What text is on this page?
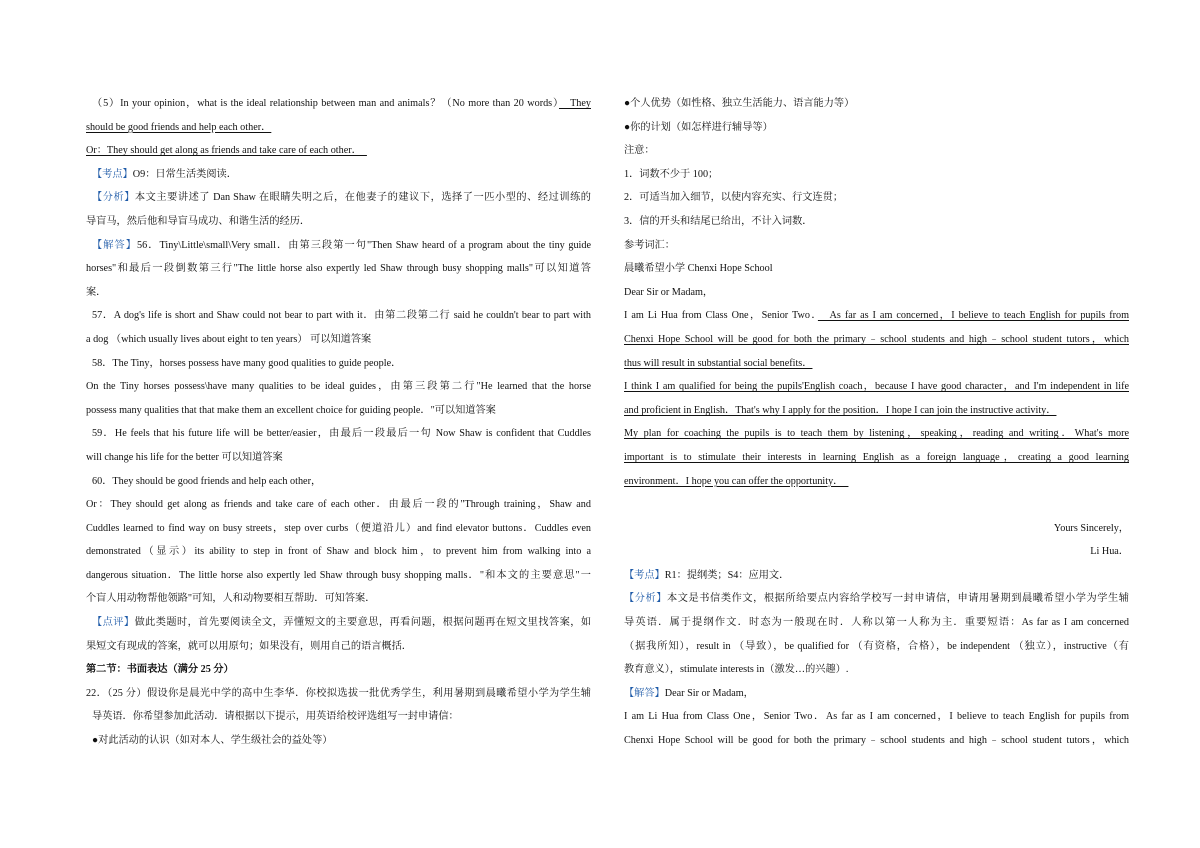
（5）In your opinion，what is the ideal relationship between man and animals？（No more than 20 words）　They
should be good friends and help each other．
Or：They should get along as friends and take care of each other．　
【考点】O9：日常生活类阅读．
【分析】本文主要讲述了 Dan Shaw 在眼睛失明之后，在他妻子的建议下，选择了一匹小型的、经过训练的
导盲马，然后他和导盲马成功、和谐生活的经历．
【解答】56．Tiny\Little\small\Very small．由第三段第一句"Then Shaw heard of a program about the tiny guide
horses"和最后一段倒数第三行"The little horse also expertly led Shaw through busy shopping malls"可以知道答
案．
57．A dog's life is short and Shaw could not bear to part with it．由第二段第二行 said he couldn't bear to part with
a dog （which usually lives about eight to ten years） 可以知道答案
58．The Tiny，horses possess have many good qualities to guide people．
On the Tiny horses possess\have many qualities to be ideal guides，由第三段第二行"He learned that the horse
possess many qualities that that make them an excellent choice for guiding people．"可以知道答案
59．He feels that his future life will be better/easier，由最后一段最后一句 Now Shaw is confident that Cuddles
will change his life for the better 可以知道答案
60．They should be good friends and help each other，
Or：They should get along as friends and take care of each other．由最后一段的"Through training，Shaw and
Cuddles learned to find way on busy streets，step over curbs（便道沿儿）and find elevator buttons．Cuddles even
demonstrated（显示）its ability to step in front of Shaw and block him，to prevent him from walking into a
dangerous situation．The little horse also expertly led Shaw through busy shopping malls．"和本文的主要意思"一
个盲人用动物帮他领路"可知，人和动物要相互帮助．可知答案．
【点评】做此类题时，首先要阅读全文，弄懂短文的主要意思，再看问题，根据问题再在短文里找答案，如
果短文有现成的答案，就可以用原句；如果没有，则用自己的语言概括．
第二节：书面表达（满分 25 分）
22．（25 分）假设你是晨光中学的高中生李华．你校拟选拔一批优秀学生，利用暑期到晨曦希望小学为学生辅
导英语．你希望参加此活动．请根据以下提示，用英语给校评选组写一封申请信：
●对此活动的认识（如对本人、学生级社会的益处等）
●个人优势（如性格、独立生活能力、语言能力等）
●你的计划（如怎样进行辅导等）
注意：
1．词数不少于 100；
2．可适当加入细节，以使内容充实、行文连贯；
3．信的开头和结尾已给出，不计入词数．
参考词汇：
晨曦希望小学 Chenxi Hope School
Dear Sir or Madam，
I am Li Hua from Class One，Senior Two．　As far as I am concerned，I believe to teach English for pupils from
Chenxi Hope School will be good for both the primary﹣school students and high﹣school student tutors，which
thus will result in substantial social benefits．
I think I am qualified for being the pupils'English coach，because I have good character，and I'm independent in life
and proficient in English．That's why I apply for the position．I hope I can join the instructive activity．
My plan for coaching the pupils is to teach them by listening，speaking，reading and writing．What's more
important is to stimulate their interests in learning English as a foreign language，creating a good learning
environment．I hope you can offer the opportunity．　
Yours Sincerely，
Li Hua．
【考点】R1：提纲类；S4：应用文．
【分析】本文是书信类作文，根据所给要点内容给学校写一封申请信，申请用暑期到晨曦希望小学为学生辅
导英语．属于提纲作文．时态为一般现在时．人称以第一人称为主．重要短语：As far as I am concerned
（据我所知），result in （导致），be qualified for （有资格，合格），be independent （独立），instructive（有
教育意义），stimulate interests in（激发…的兴趣）.
【解答】Dear Sir or Madam，
I am Li Hua from Class One，Senior Two．As far as I am concerned，I believe to teach English for pupils from
Chenxi Hope School will be good for both the primary﹣school students and high﹣school student tutors，which
